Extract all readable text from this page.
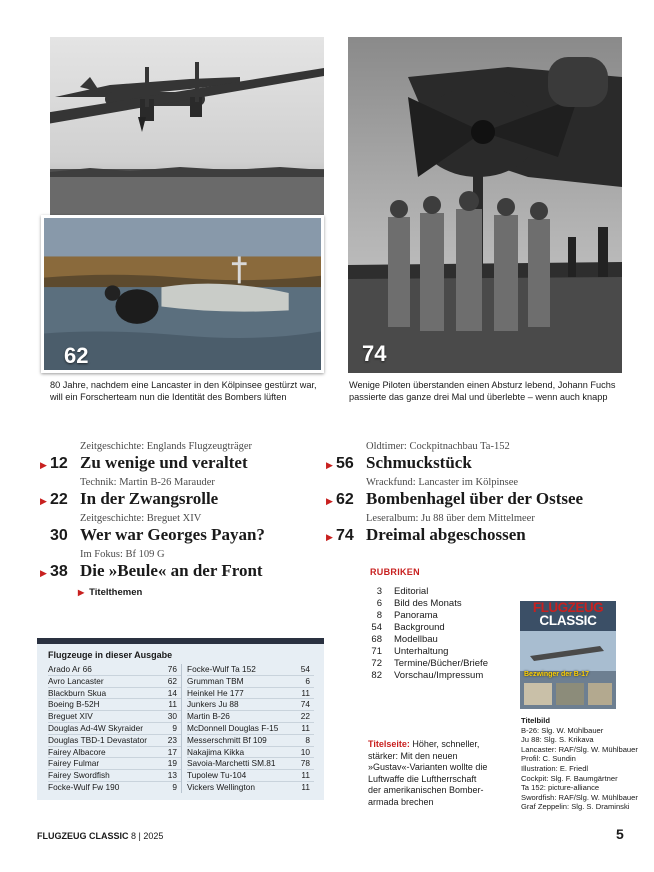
62	74
80 Jahre, nachdem eine Lancaster in den Kölpinsee gestürzt war, will ein Forscherteam nun die Identität des Bombers lüften
Wenige Piloten überstanden einen Absturz lebend, Johann Fuchs passierte das ganze drei Mal und überlebte – wenn auch knapp
Zeitgeschichte: Englands Flugzeugträger
▶ 12 Zu wenige und veraltet
Technik: Martin B-26 Marauder
▶ 22 In der Zwangsrolle
Zeitgeschichte: Breguet XIV
30 Wer war Georges Payan?
Im Fokus: Bf 109 G
▶ 38 Die »Beule« an der Front
▶ Titelthemen
Oldtimer: Cockpitnachbau Ta-152
▶ 56 Schmuckstück
Wrackfund: Lancaster im Kölpinsee
▶ 62 Bombenhagel über der Ostsee
Leseralbum: Ju 88 über dem Mittelmeer
▶ 74 Dreimal abgeschossen
Flugzeuge in dieser Ausgabe
Arado Ar 66	76
Avro Lancaster	62
Blackburn Skua	14
Boeing B-52H	11
Breguet XIV	30
Douglas Ad-4W Skyraider	9
Douglas TBD-1 Devastator	23
Fairey Albacore	17
Fairey Fulmar	19
Fairey Swordfish	13
Focke-Wulf Fw 190	9
Focke-Wulf Ta 152	54
Grumman TBM	6
Heinkel He 177	11
Junkers Ju 88	74
Martin B-26	22
McDonnell Douglas F-15	11
Messerschmitt Bf 109	8
Nakajima Kikka	10
Savoia-Marchetti SM.81	78
Tupolew Tu-104	11
Vickers Wellington	11
RUBRIKEN
3 Editorial
6 Bild des Monats
8 Panorama
54 Background
68 Modellbau
71 Unterhaltung
72 Termine/Bücher/Briefe
82 Vorschau/Impressum
FLUGZEUG
CLASSIC
Bezwinger der B-17
Titelbild
B-26: Slg. W. Mühlbauer
Ju 88: Slg. S. Krikava
Lancaster: RAF/Slg. W. Mühlbauer
Profil: C. Sundin
Illustration: E. Friedl
Cockpit: Slg. F. Baumgärtner
Ta 152: picture-alliance
Swordfish: RAF/Slg. W. Mühlbauer
Graf Zeppelin: Slg. S. Draminski
Titelseite: Höher, schneller, stärker: Mit den neuen »Gustav«-Varianten wollte die Luftwaffe die Luftherrschaft der amerikanischen Bomber-armada brechen
FLUGZEUG CLASSIC 8 | 2025	5
